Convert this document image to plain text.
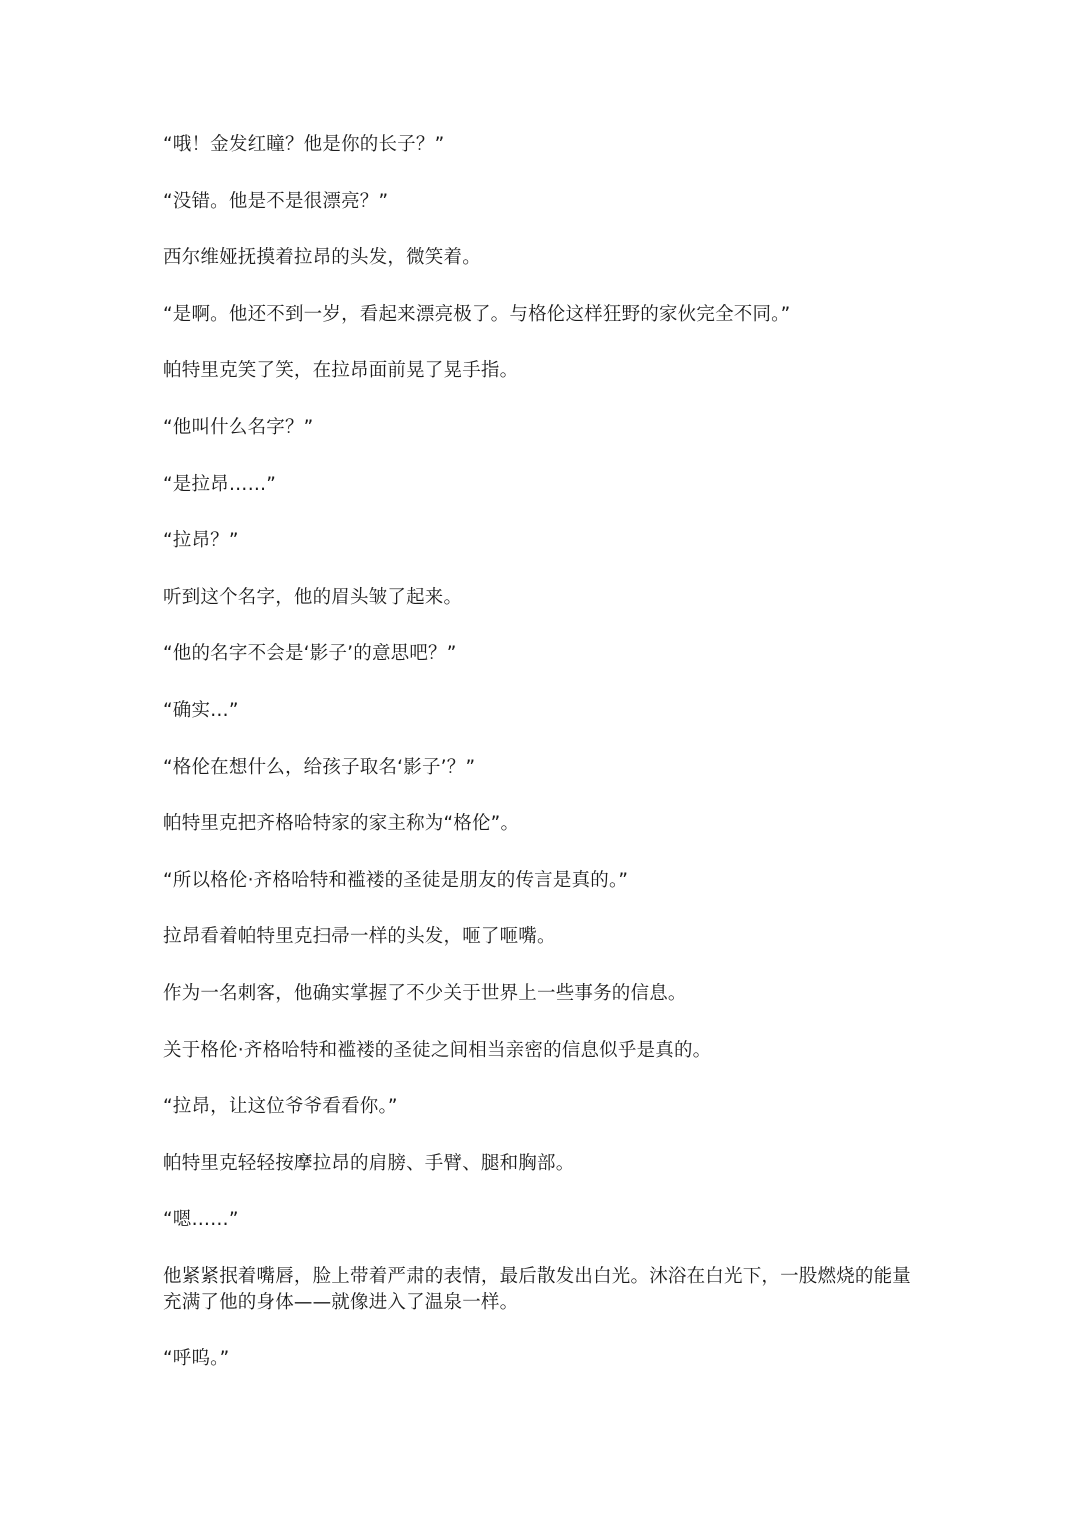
“哦！金发红瞳？他是你的长子？”

“没错。他是不是很漂亮？”

西尔维娅抚摸着拉昂的头发，微笑着。

“是啊。他还不到一岁，看起来漂亮极了。与格伦这样狂野的家伙完全不同。”

帕特里克笑了笑，在拉昂面前晃了晃手指。

“他叫什么名字？”

“是拉昂……”

“拉昂？”

听到这个名字，他的眉头皱了起来。

“他的名字不会是‘影子’的意思吧？”

“确实…”

“格伦在想什么，给孩子取名‘影子’？”

帕特里克把齐格哈特家的家主称为“格伦”。

“所以格伦·齐格哈特和褴褛的圣徒是朋友的传言是真的。”

拉昂看着帕特里克扫帚一样的头发，咂了咂嘴。

作为一名刺客，他确实掌握了不少关于世界上一些事务的信息。

关于格伦·齐格哈特和褴褛的圣徒之间相当亲密的信息似乎是真的。

“拉昂，让这位爷爷看看你。”

帕特里克轻轻按摩拉昂的肩膀、手臂、腿和胸部。

“嗯……”

他紧紧抿着嘴唇，脸上带着严肃的表情，最后散发出白光。沐浴在白光下，一股燃烧的能量充满了他的身体——就像进入了温泉一样。

“呼呜。”
